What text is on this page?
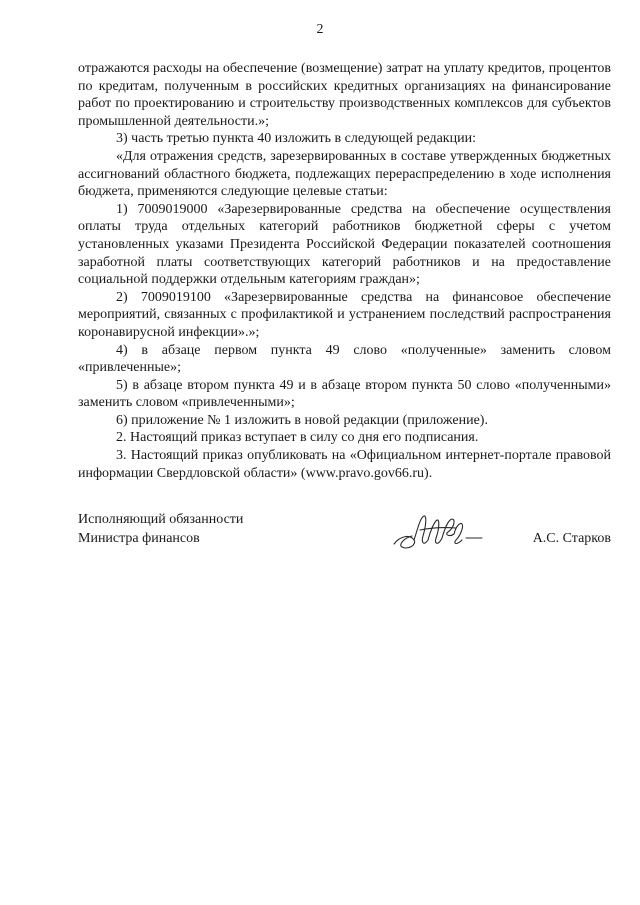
2

отражаются расходы на обеспечение (возмещение) затрат на уплату кредитов, процентов по кредитам, полученным в российских кредитных организациях на финансирование работ по проектированию и строительству производственных комплексов для субъектов промышленной деятельности.»;

3) часть третью пункта 40 изложить в следующей редакции:

«Для отражения средств, зарезервированных в составе утвержденных бюджетных ассигнований областного бюджета, подлежащих перераспределению в ходе исполнения бюджета, применяются следующие целевые статьи:

1) 7009019000 «Зарезервированные средства на обеспечение осуществления оплаты труда отдельных категорий работников бюджетной сферы с учетом установленных указами Президента Российской Федерации показателей соотношения заработной платы соответствующих категорий работников и на предоставление социальной поддержки отдельным категориям граждан»;

2) 7009019100 «Зарезервированные средства на финансовое обеспечение мероприятий, связанных с профилактикой и устранением последствий распространения коронавирусной инфекции».»;

4) в абзаце первом пункта 49 слово «полученные» заменить словом «привлеченные»;

5) в абзаце втором пункта 49 и в абзаце втором пункта 50 слово «полученными» заменить словом «привлеченными»;

6) приложение № 1 изложить в новой редакции (приложение).

2. Настоящий приказ вступает в силу со дня его подписания.

3. Настоящий приказ опубликовать на «Официальном интернет-портале правовой информации Свердловской области» (www.pravo.gov66.ru).

Исполняющий обязанности
Министра финансов	А.С. Старков
